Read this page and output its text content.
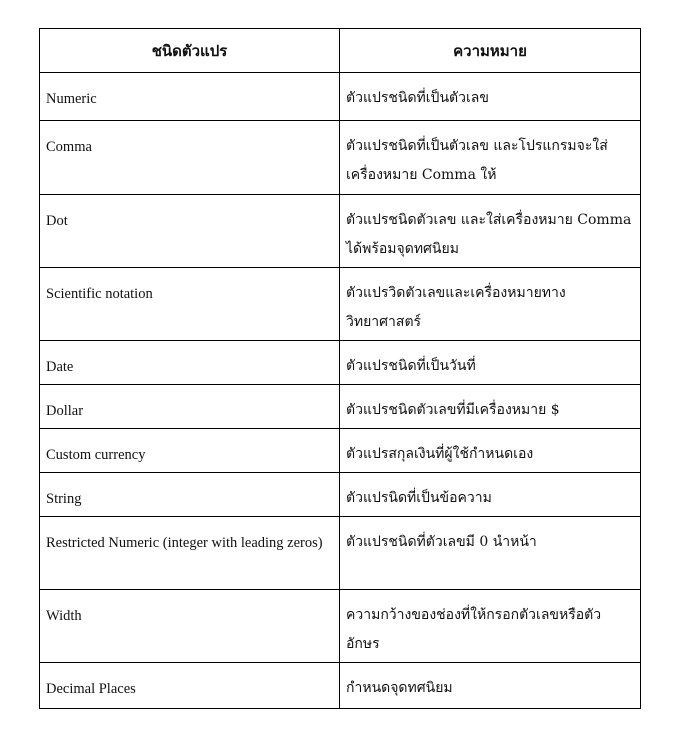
ชนิดตัวแปร	ความหมาย
Numeric	ตัวแปรชนิดที่เป็นตัวเลข
Comma	ตัวแปรชนิดที่เป็นตัวเลข และโปรแกรมจะใส่เครื่องหมาย Comma ให้
Dot	ตัวแปรชนิดตัวเลข และใส่เครื่องหมาย Comma ได้พร้อมจุดทศนิยม
Scientific notation	ตัวแปรวิดตัวเลขและเครื่องหมายทางวิทยาศาสตร์
Date	ตัวแปรชนิดที่เป็นวันที่
Dollar	ตัวแปรชนิดตัวเลขที่มีเครื่องหมาย $
Custom currency	ตัวแปรสกุลเงินที่ผู้ใช้กำหนดเอง
String	ตัวแปรนิดที่เป็นข้อความ
Restricted Numeric (integer with leading zeros)	ตัวแปรชนิดที่ตัวเลขมี 0 นำหน้า
Width	ความกว้างของช่องที่ให้กรอกตัวเลขหรือตัวอักษร
Decimal Places	กำหนดจุดทศนิยม
